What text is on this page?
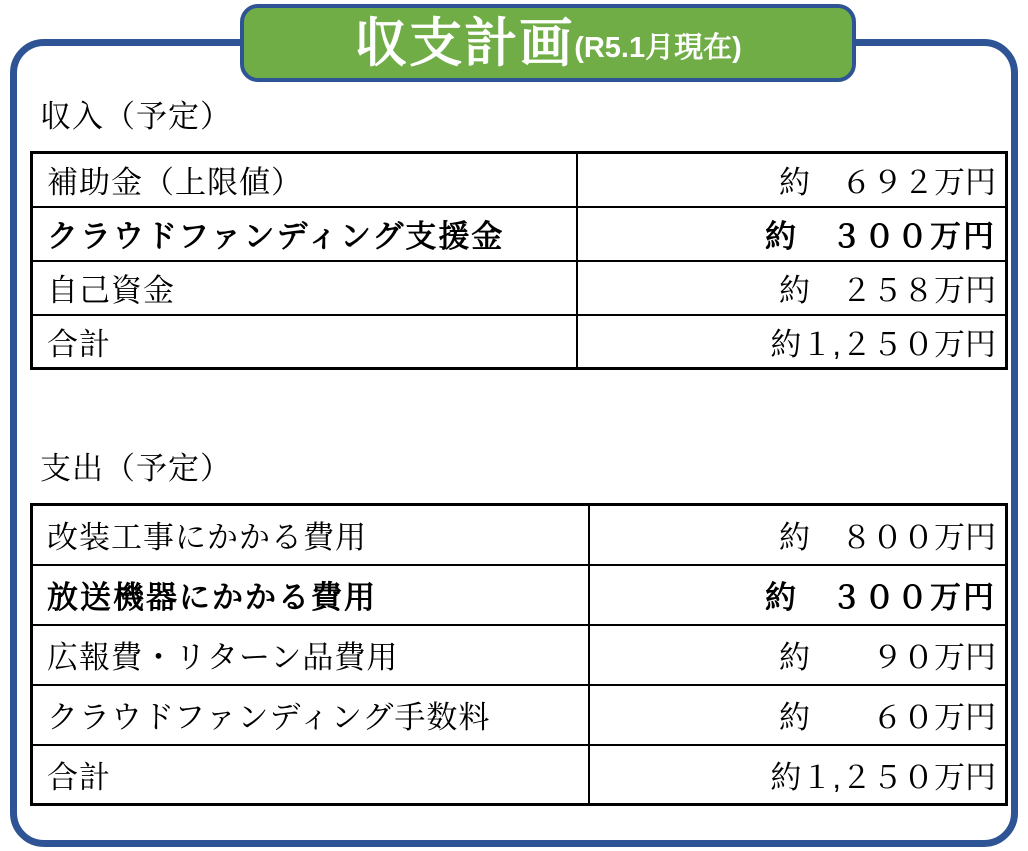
収支計画 (R5.1月現在)
収入（予定）
補助金（上限値）	約　６９２万円
クラウドファンディング支援金	約　３００万円
自己資金	約　２５８万円
合計	約１,２５０万円
支出（予定）
改装工事にかかる費用	約　８００万円
放送機器にかかる費用	約　３００万円
広報費・リターン品費用	約　　９０万円
クラウドファンディング手数料	約　　６０万円
合計	約１,２５０万円
